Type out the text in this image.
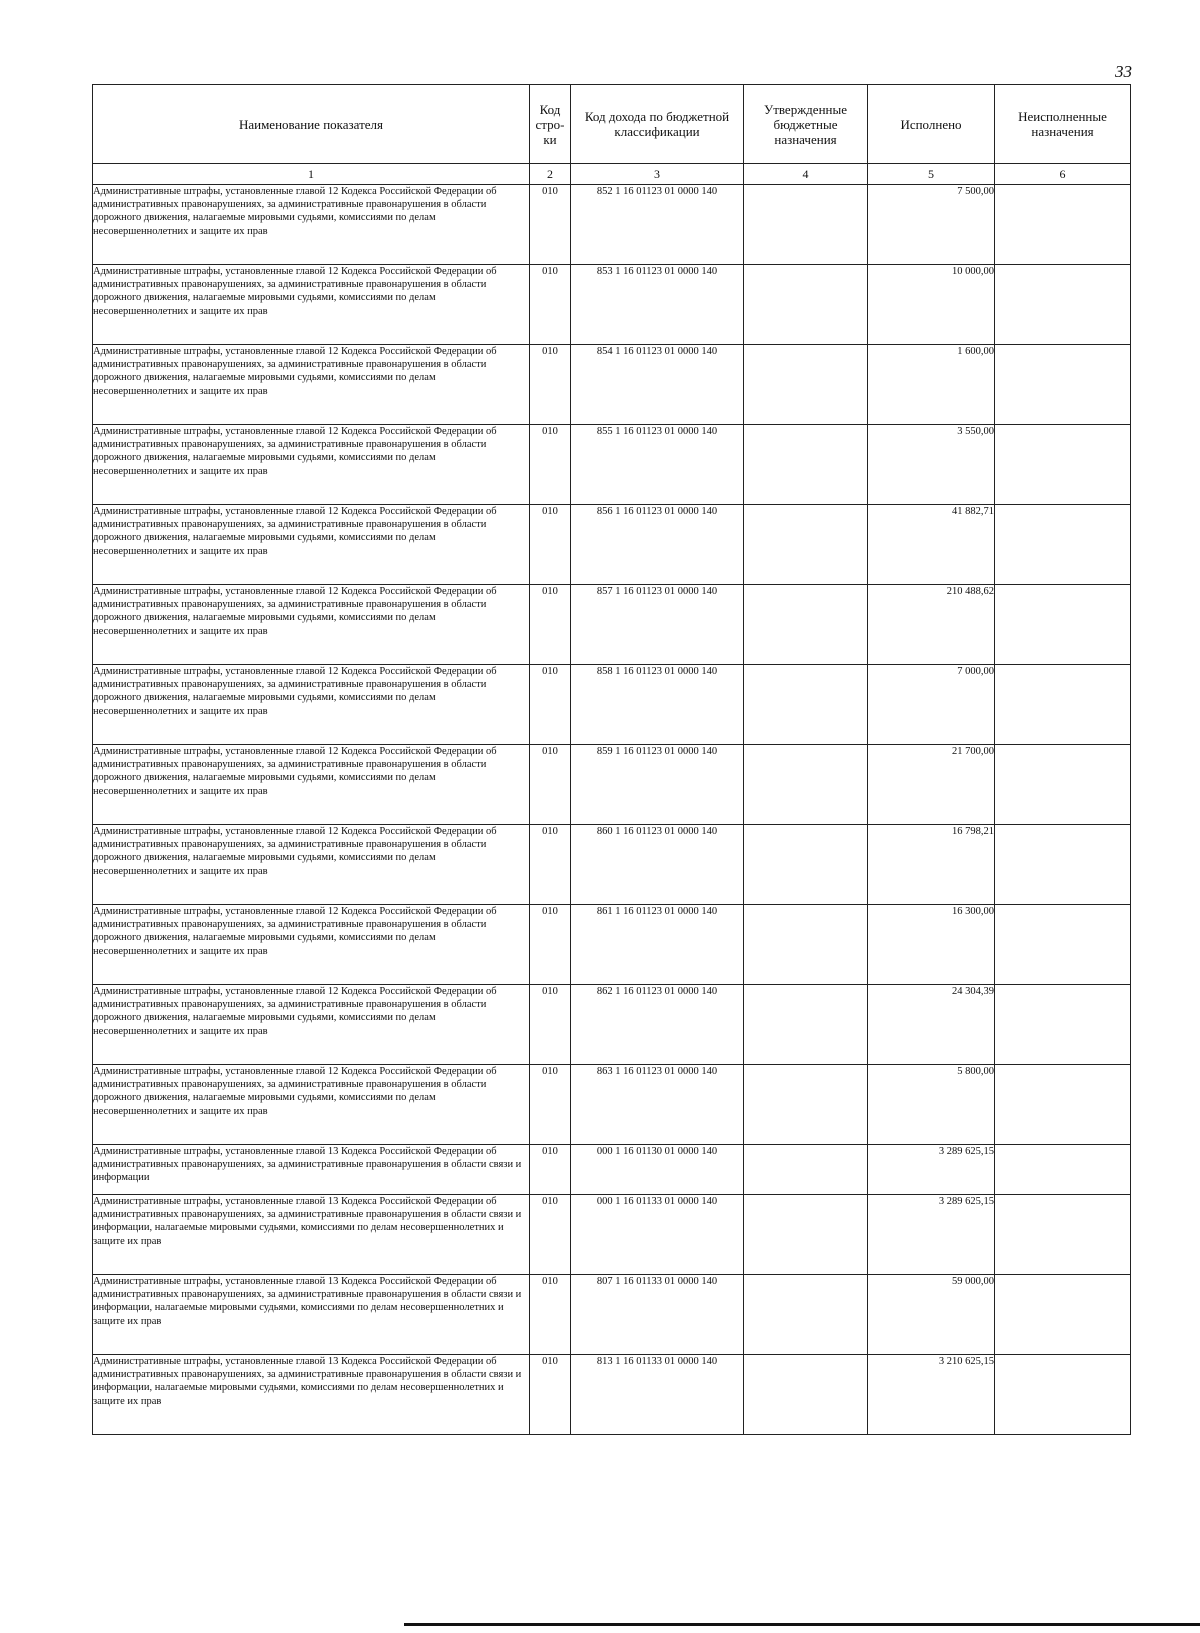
33
Наименование показателя	Код стро-ки	Код дохода по бюджетной классификации	Утвержденные бюджетные назначения	Исполнено	Неисполненные назначения
1	2	3	4	5	6
Административные штрафы, установленные главой 12 Кодекса Российской Федерации об административных правонарушениях, за административные правонарушения в области дорожного движения, налагаемые мировыми судьями, комиссиями по делам несовершеннолетних и защите их прав	010	852 1 16 01123 01 0000 140		7 500,00	
Административные штрафы, установленные главой 12 Кодекса Российской Федерации об административных правонарушениях, за административные правонарушения в области дорожного движения, налагаемые мировыми судьями, комиссиями по делам несовершеннолетних и защите их прав	010	853 1 16 01123 01 0000 140		10 000,00	
Административные штрафы, установленные главой 12 Кодекса Российской Федерации об административных правонарушениях, за административные правонарушения в области дорожного движения, налагаемые мировыми судьями, комиссиями по делам несовершеннолетних и защите их прав	010	854 1 16 01123 01 0000 140		1 600,00	
Административные штрафы, установленные главой 12 Кодекса Российской Федерации об административных правонарушениях, за административные правонарушения в области дорожного движения, налагаемые мировыми судьями, комиссиями по делам несовершеннолетних и защите их прав	010	855 1 16 01123 01 0000 140		3 550,00	
Административные штрафы, установленные главой 12 Кодекса Российской Федерации об административных правонарушениях, за административные правонарушения в области дорожного движения, налагаемые мировыми судьями, комиссиями по делам несовершеннолетних и защите их прав	010	856 1 16 01123 01 0000 140		41 882,71	
Административные штрафы, установленные главой 12 Кодекса Российской Федерации об административных правонарушениях, за административные правонарушения в области дорожного движения, налагаемые мировыми судьями, комиссиями по делам несовершеннолетних и защите их прав	010	857 1 16 01123 01 0000 140		210 488,62	
Административные штрафы, установленные главой 12 Кодекса Российской Федерации об административных правонарушениях, за административные правонарушения в области дорожного движения, налагаемые мировыми судьями, комиссиями по делам несовершеннолетних и защите их прав	010	858 1 16 01123 01 0000 140		7 000,00	
Административные штрафы, установленные главой 12 Кодекса Российской Федерации об административных правонарушениях, за административные правонарушения в области дорожного движения, налагаемые мировыми судьями, комиссиями по делам несовершеннолетних и защите их прав	010	859 1 16 01123 01 0000 140		21 700,00	
Административные штрафы, установленные главой 12 Кодекса Российской Федерации об административных правонарушениях, за административные правонарушения в области дорожного движения, налагаемые мировыми судьями, комиссиями по делам несовершеннолетних и защите их прав	010	860 1 16 01123 01 0000 140		16 798,21	
Административные штрафы, установленные главой 12 Кодекса Российской Федерации об административных правонарушениях, за административные правонарушения в области дорожного движения, налагаемые мировыми судьями, комиссиями по делам несовершеннолетних и защите их прав	010	861 1 16 01123 01 0000 140		16 300,00	
Административные штрафы, установленные главой 12 Кодекса Российской Федерации об административных правонарушениях, за административные правонарушения в области дорожного движения, налагаемые мировыми судьями, комиссиями по делам несовершеннолетних и защите их прав	010	862 1 16 01123 01 0000 140		24 304,39	
Административные штрафы, установленные главой 12 Кодекса Российской Федерации об административных правонарушениях, за административные правонарушения в области дорожного движения, налагаемые мировыми судьями, комиссиями по делам несовершеннолетних и защите их прав	010	863 1 16 01123 01 0000 140		5 800,00	
Административные штрафы, установленные главой 13 Кодекса Российской Федерации об административных правонарушениях, за административные правонарушения в области связи и информации	010	000 1 16 01130 01 0000 140		3 289 625,15	
Административные штрафы, установленные главой 13 Кодекса Российской Федерации об административных правонарушениях, за административные правонарушения в области связи и информации, налагаемые мировыми судьями, комиссиями по делам несовершеннолетних и защите их прав	010	000 1 16 01133 01 0000 140		3 289 625,15	
Административные штрафы, установленные главой 13 Кодекса Российской Федерации об административных правонарушениях, за административные правонарушения в области связи и информации, налагаемые мировыми судьями, комиссиями по делам несовершеннолетних и защите их прав	010	807 1 16 01133 01 0000 140		59 000,00	
Административные штрафы, установленные главой 13 Кодекса Российской Федерации об административных правонарушениях, за административные правонарушения в области связи и информации, налагаемые мировыми судьями, комиссиями по делам несовершеннолетних и защите их прав	010	813 1 16 01133 01 0000 140		3 210 625,15	
